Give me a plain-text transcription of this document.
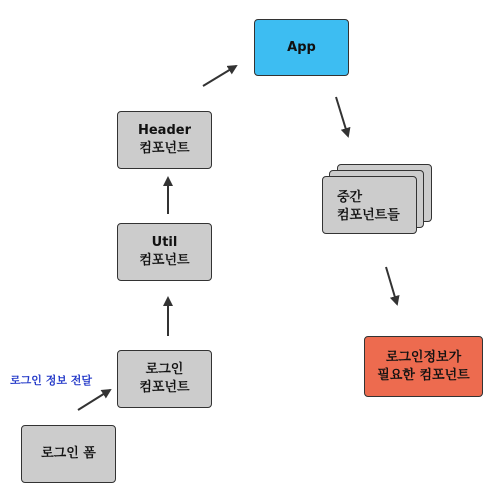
App
Header
컴포넌트
Util
컴포넌트
로그인
컴포넌트
로그인 폼
중간
컴포넌트들
로그인정보가
필요한 컴포넌트
로그인 정보 전달
